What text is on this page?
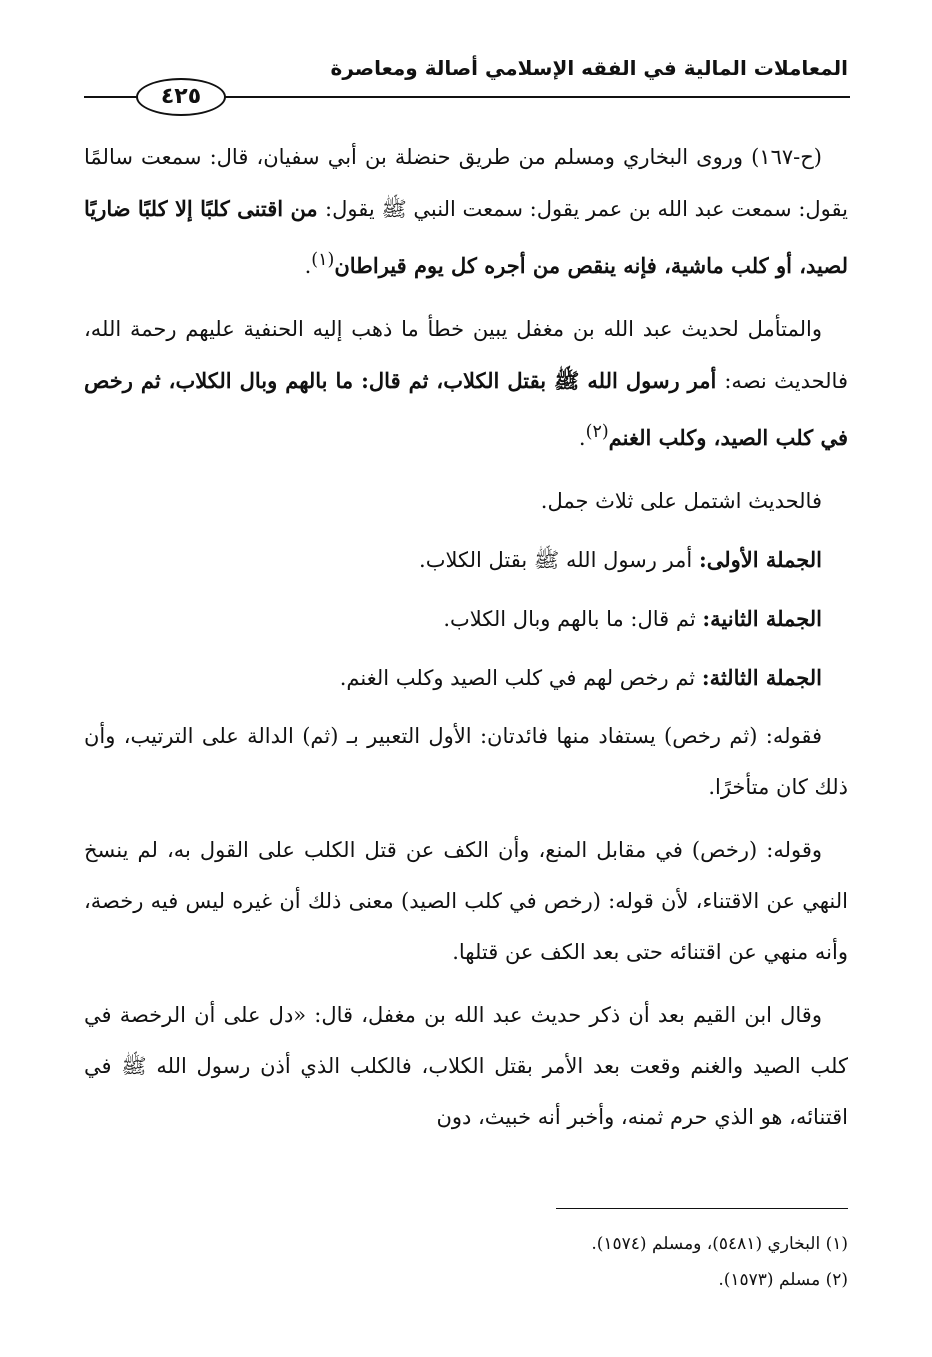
المعاملات المالية في الفقه الإسلامي أصالة ومعاصرة
٤٢٥

(ح-١٦٧) وروى البخاري ومسلم من طريق حنضلة بن أبي سفيان، قال: سمعت سالمًا يقول: سمعت عبد الله بن عمر يقول: سمعت النبي ﷺ يقول: من اقتنى كلبًا إلا كلبًا ضاريًا لصيد، أو كلب ماشية، فإنه ينقص من أجره كل يوم قيراطان$^{(١)}$.

والمتأمل لحديث عبد الله بن مغفل يبين خطأ ما ذهب إليه الحنفية عليهم رحمة الله، فالحديث نصه: أمر رسول الله ﷺ بقتل الكلاب، ثم قال: ما بالهم وبال الكلاب، ثم رخص في كلب الصيد، وكلب الغنم$^{(٢)}$.

فالحديث اشتمل على ثلاث جمل.

الجملة الأولى: أمر رسول الله ﷺ بقتل الكلاب.

الجملة الثانية: ثم قال: ما بالهم وبال الكلاب.

الجملة الثالثة: ثم رخص لهم في كلب الصيد وكلب الغنم.

فقوله: (ثم رخص) يستفاد منها فائدتان: الأول التعبير بـ (ثم) الدالة على الترتيب، وأن ذلك كان متأخرًا.

وقوله: (رخص) في مقابل المنع، وأن الكف عن قتل الكلب على القول به، لم ينسخ النهي عن الاقتناء، لأن قوله: (رخص في كلب الصيد) معنى ذلك أن غيره ليس فيه رخصة، وأنه منهي عن اقتنائه حتى بعد الكف عن قتلها.

وقال ابن القيم بعد أن ذكر حديث عبد الله بن مغفل، قال: «دل على أن الرخصة في كلب الصيد والغنم وقعت بعد الأمر بقتل الكلاب، فالكلب الذي أذن رسول الله ﷺ في اقتنائه، هو الذي حرم ثمنه، وأخبر أنه خبيث، دون

(١) البخاري (٥٤٨١)، ومسلم (١٥٧٤).
(٢) مسلم (١٥٧٣).
